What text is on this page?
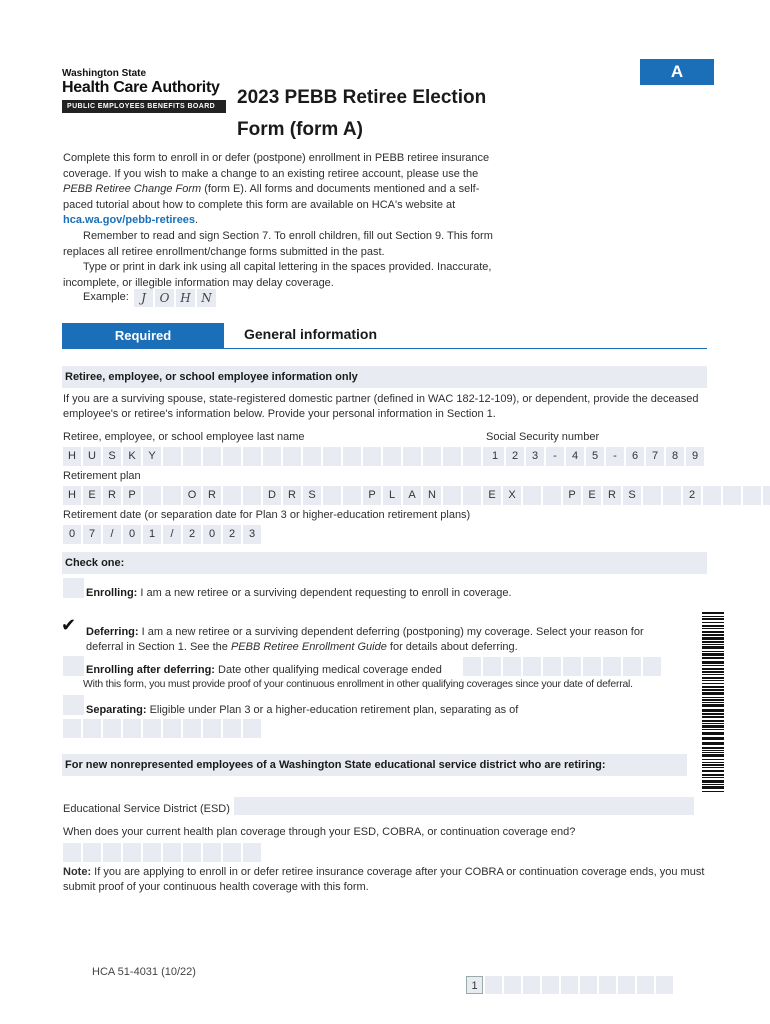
Washington State
Health Care Authority
PUBLIC EMPLOYEES BENEFITS BOARD
A
2023 PEBB Retiree Election
Form (form A)
Complete this form to enroll in or defer (postpone) enrollment in PEBB retiree insurance coverage. If you wish to make a change to an existing retiree account, please use the PEBB Retiree Change Form (form E). All forms and documents mentioned and a self-paced tutorial about how to complete this form are available on HCA's website at hca.wa.gov/pebb-retirees.
Remember to read and sign Section 7. To enroll children, fill out Section 9. This form replaces all retiree enrollment/change forms submitted in the past.
Type or print in dark ink using all capital lettering in the spaces provided. Inaccurate, incomplete, or illegible information may delay coverage.
Example:	J	O H N
Required	General information
Retiree, employee, or school employee information only
If you are a surviving spouse, state-registered domestic partner (defined in WAC 182-12-109), or dependent, provide the deceased employee's or retiree's information below. Provide your personal information in Section 1.
Retiree, employee, or school employee last name
H	U	S	K	Y
Social Security number
1	2	3	-	4	5	-	6	7	8	9
Retirement plan
H	E	R	P	O	R	D	R	S	P	L	A	N	E	X	P	E	R	S	2
Retirement date (or separation date for Plan 3 or higher-education retirement plans)
0	7	/	0	1	/	2	0	2	3
Check one:
Enrolling: I am a new retiree or a surviving dependent requesting to enroll in coverage.
✔ Deferring: I am a new retiree or a surviving dependent deferring (postponing) my coverage. Select your reason for deferral in Section 1. See the PEBB Retiree Enrollment Guide for details about deferring.
Enrolling after deferring: Date other qualifying medical coverage ended
With this form, you must provide proof of your continuous enrollment in other qualifying coverages since your date of deferral.
Separating: Eligible under Plan 3 or a higher-education retirement plan, separating as of
For new nonrepresented employees of a Washington State educational service district who are retiring:
Educational Service District (ESD)
When does your current health plan coverage through your ESD, COBRA, or continuation coverage end?
Note: If you are applying to enroll in or defer retiree insurance coverage after your COBRA or continuation coverage ends, you must submit proof of your continuous health coverage with this form.
HCA 51-4031 (10/22)
1
